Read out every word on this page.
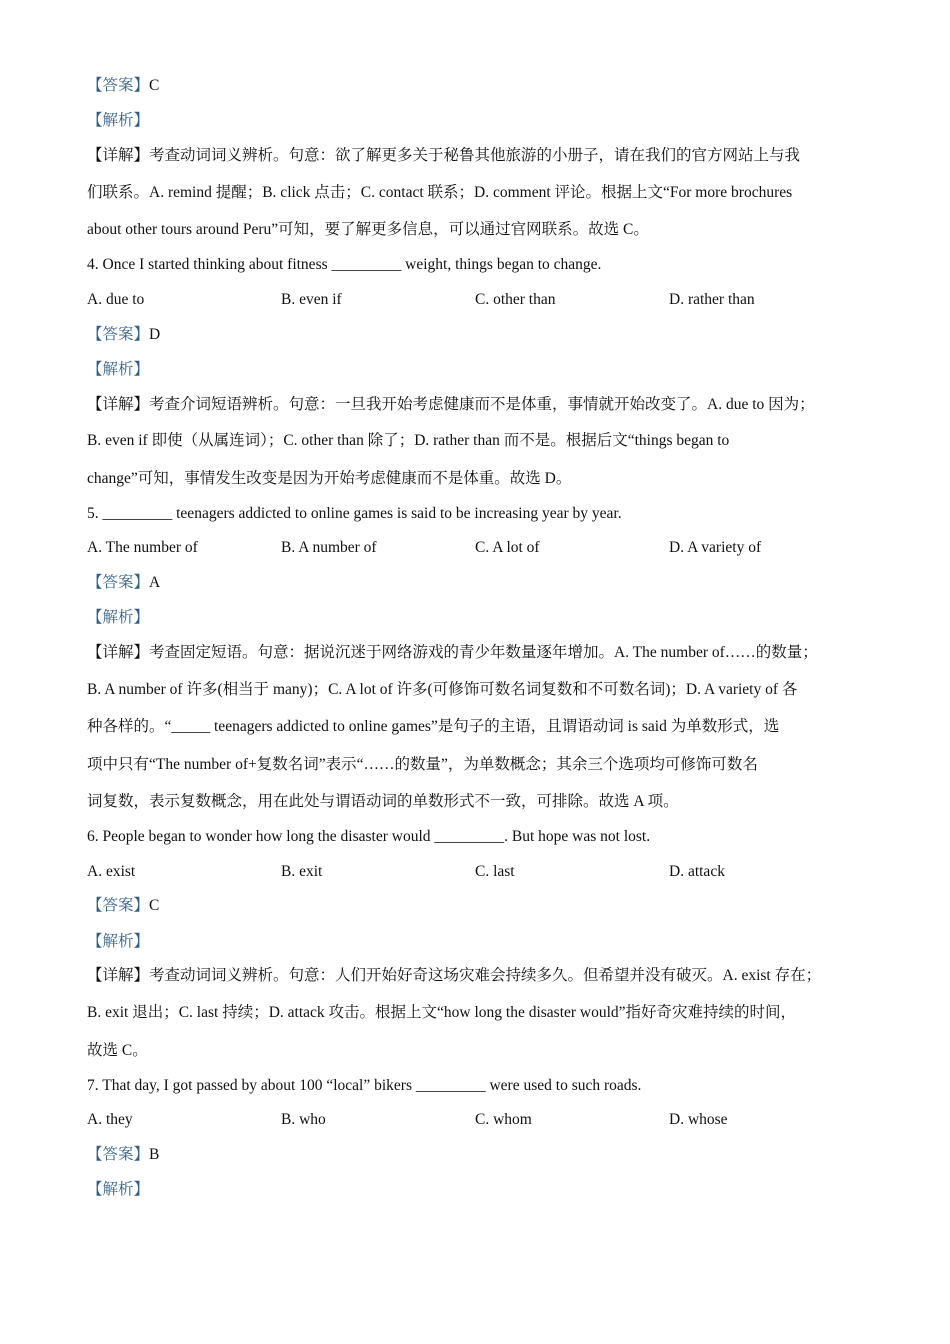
【答案】C
【解析】
【详解】考查动词词义辨析。句意：欲了解更多关于秘鲁其他旅游的小册子，请在我们的官方网站上与我
们联系。A. remind 提醒；B. click 点击；C. contact 联系；D. comment 评论。根据上文“For more brochures
about other tours around Peru”可知，要了解更多信息，可以通过官网联系。故选 C。
4. Once I started thinking about fitness _________ weight, things began to change.
A. due to	B. even if	C. other than	D. rather than
【答案】D
【解析】
【详解】考查介词短语辨析。句意：一旦我开始考虑健康而不是体重，事情就开始改变了。A. due to 因为；
B. even if 即使（从属连词）；C. other than 除了；D. rather than 而不是。根据后文“things began to
change”可知，事情发生改变是因为开始考虑健康而不是体重。故选 D。
5. _________ teenagers addicted to online games is said to be increasing year by year.
A. The number of	B. A number of	C. A lot of	D. A variety of
【答案】A
【解析】
【详解】考查固定短语。句意：据说沉迷于网络游戏的青少年数量逐年增加。A. The number of……的数量；
B. A number of 许多(相当于 many)；C. A lot of 许多(可修饰可数名词复数和不可数名词)；D. A variety of 各
种各样的。“_____ teenagers addicted to online games”是句子的主语，且谓语动词 is said 为单数形式，选
项中只有“The number of+复数名词”表示“……的数量”，为单数概念；其余三个选项均可修饰可数名
词复数，表示复数概念，用在此处与谓语动词的单数形式不一致，可排除。故选 A 项。
6. People began to wonder how long the disaster would _________. But hope was not lost.
A. exist	B. exit	C. last	D. attack
【答案】C
【解析】
【详解】考查动词词义辨析。句意：人们开始好奇这场灾难会持续多久。但希望并没有破灭。A. exist 存在；
B. exit 退出；C. last 持续；D. attack 攻击。根据上文“how long the disaster would”指好奇灾难持续的时间，
故选 C。
7. That day, I got passed by about 100 “local” bikers _________ were used to such roads.
A. they	B. who	C. whom	D. whose
【答案】B
【解析】
